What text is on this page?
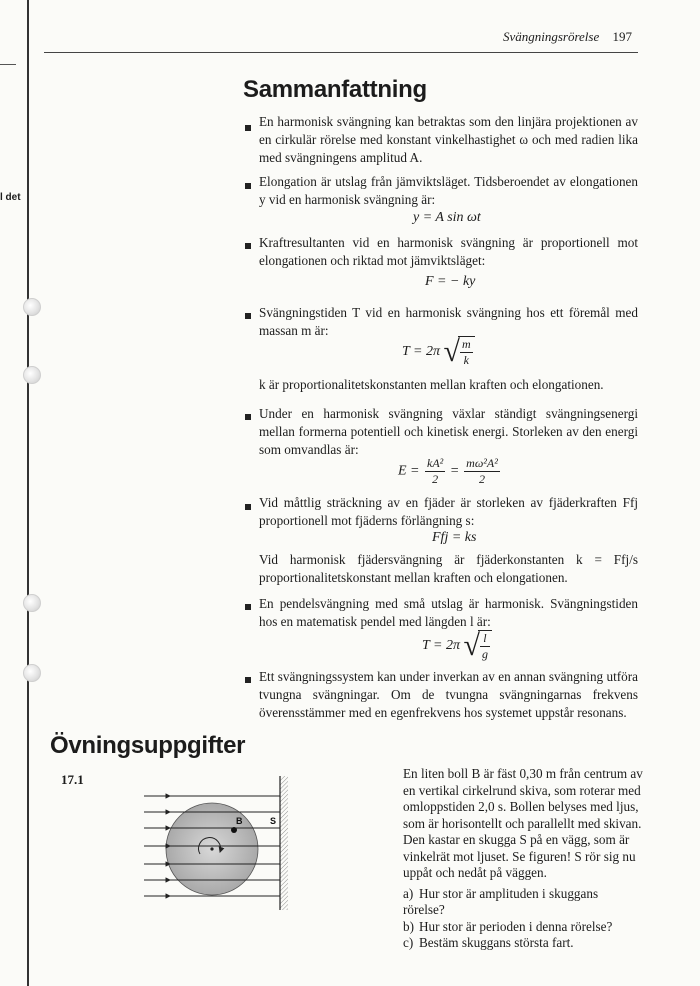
l det
Svängningsrörelse 197
Sammanfattning
En harmonisk svängning kan betraktas som den linjära projektionen av en cirkulär rörelse med konstant vinkelhastighet ω och med radien lika med svängningens amplitud A.
Elongation är utslag från jämviktsläget. Tidsberoendet av elongationen y vid en harmonisk svängning är:
y = A sin ωt
Kraftresultanten vid en harmonisk svängning är proportionell mot elongationen och riktad mot jämviktsläget:
F = − ky
Svängningstiden T vid en harmonisk svängning hos ett föremål med massan m är:
T = 2π √ $\frac{m}{k}$
k är proportionalitetskonstanten mellan kraften och elongationen.
Under en harmonisk svängning växlar ständigt svängningsenergi mellan formerna potentiell och kinetisk energi. Storleken av den energi som omvandlas är:
$E = \frac{\text{kA²}}{2} = \frac{\text{mω²A²}}{2}$
Vid måttlig sträckning av en fjäder är storleken av fjäderkraften Ffj proportionell mot fjäderns förlängning s:
Ffj = ks
Vid harmonisk fjädersvängning är fjäderkonstanten k = Ffj/s proportionalitetskonstant mellan kraften och elongationen.
En pendelsvängning med små utslag är harmonisk. Svängningstiden hos en matematisk pendel med längden l är:
T = 2π √ $\frac{l}{g}$
Ett svängningssystem kan under inverkan av en annan svängning utföra tvungna svängningar. Om de tvungna svängningarnas frekvens överensstämmer med en egenfrekvens hos systemet uppstår resonans.
Övningsuppgifter
17.1
B	S
En liten boll B är fäst 0,30 m från centrum av en vertikal cirkelrund skiva, som roterar med omloppstiden 2,0 s. Bollen belyses med ljus, som är horisontellt och parallellt med skivan. Den kastar en skugga S på en vägg, som är vinkelrät mot ljuset. Se figuren! S rör sig nu uppåt och nedåt på väggen.
a) Hur stor är amplituden i skuggans rörelse?
b) Hur stor är perioden i denna rörelse?
c) Bestäm skuggans största fart.
